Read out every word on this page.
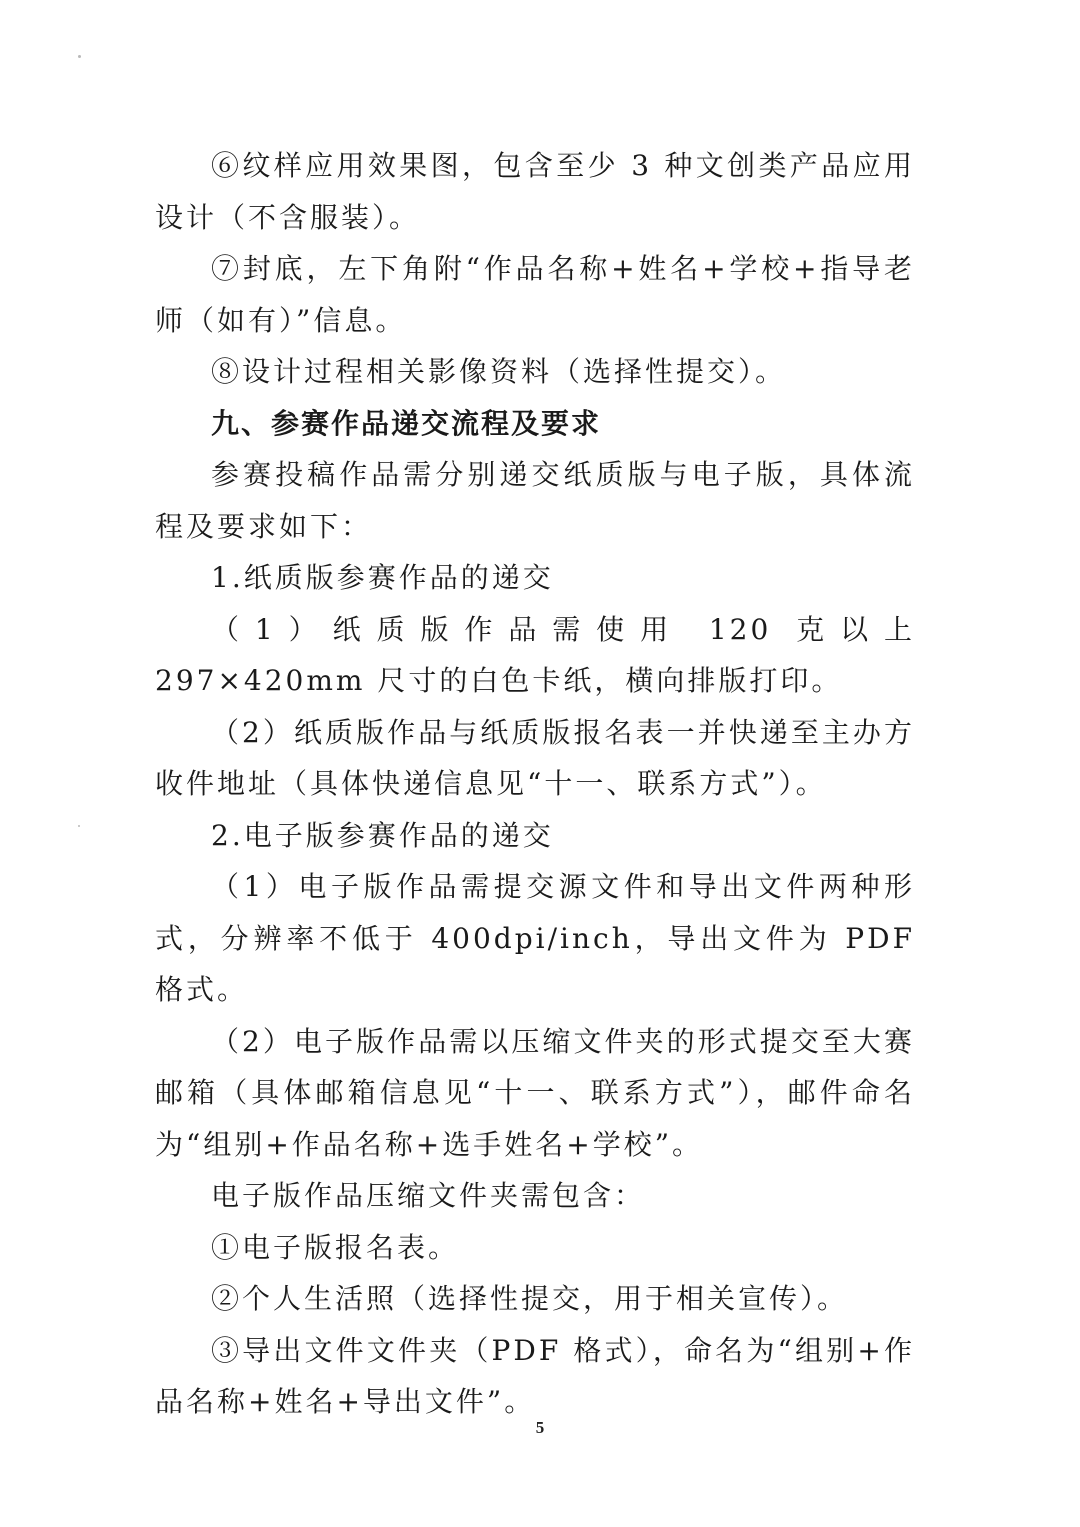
⑥纹样应用效果图，包含至少 3 种文创类产品应用设计（不含服装）。

⑦封底，左下角附“作品名称+姓名+学校+指导老师（如有）”信息。

⑧设计过程相关影像资料（选择性提交）。

九、参赛作品递交流程及要求

参赛投稿作品需分别递交纸质版与电子版，具体流程及要求如下：

1.纸质版参赛作品的递交

（1）纸质版作品需使用 120 克以上 297×420mm 尺寸的白色卡纸，横向排版打印。

（2）纸质版作品与纸质版报名表一并快递至主办方收件地址（具体快递信息见“十一、联系方式”）。

2.电子版参赛作品的递交

（1）电子版作品需提交源文件和导出文件两种形式，分辨率不低于 400dpi/inch，导出文件为 PDF 格式。

（2）电子版作品需以压缩文件夹的形式提交至大赛邮箱（具体邮箱信息见“十一、联系方式”），邮件命名为“组别+作品名称+选手姓名+学校”。

电子版作品压缩文件夹需包含：

①电子版报名表。

②个人生活照（选择性提交，用于相关宣传）。

③导出文件文件夹（PDF 格式），命名为“组别+作品名称+姓名+导出文件”。

5
